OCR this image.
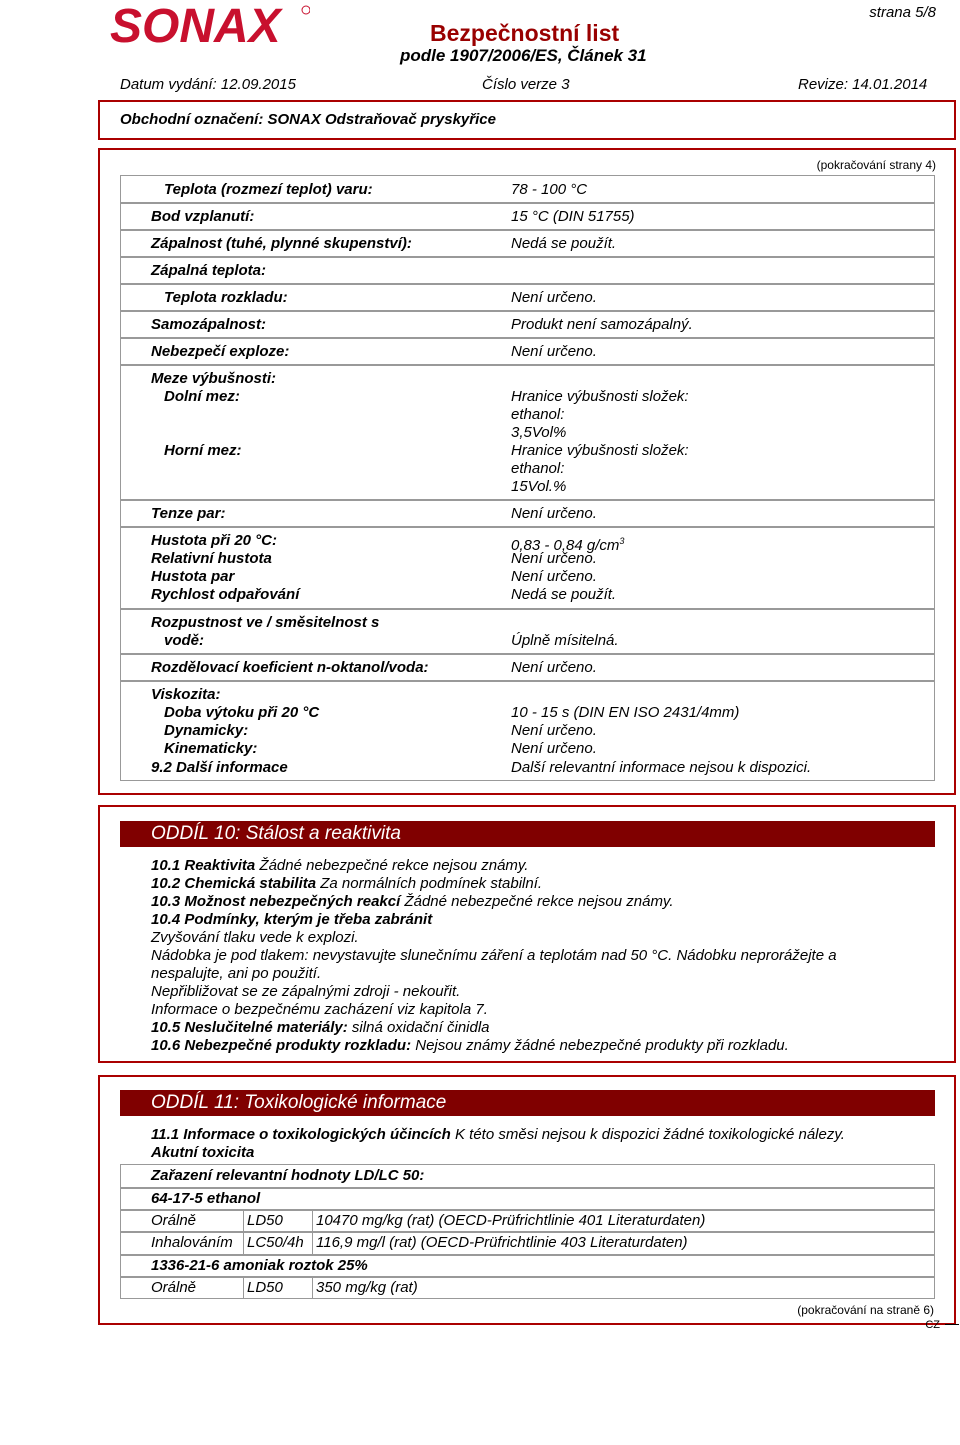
SONAX	Bezpečnostní list
podle 1907/2006/ES, Článek 31
strana 5/8
Datum vydání: 12.09.2015	Číslo verze 3	Revize: 14.01.2014
Obchodní označení: SONAX Odstraňovač pryskyřice
(pokračování strany 4)
Teplota (rozmezí teplot) varu:	78 - 100 °C
Bod vzplanutí:	15 °C (DIN 51755)
Zápalnost (tuhé, plynné skupenství):	Nedá se použít.
Zápalná teplota:
Teplota rozkladu:	Není určeno.
Samozápalnost:	Produkt není samozápalný.
Nebezpečí exploze:	Není určeno.
Meze výbušnosti:
Dolní mez:	Hranice výbušnosti složek:
ethanol:
3,5Vol%
Horní mez:	Hranice výbušnosti složek:
ethanol:
15Vol.%
Tenze par:	Není určeno.
Hustota při 20 °C:	0,83 - 0,84 $g/cm^3$
Relativní hustota	Není určeno.
Hustota par	Není určeno.
Rychlost odpařování	Nedá se použít.
Rozpustnost ve / směsitelnost s
vodě:	Úplně mísitelná.
Rozdělovací koeficient n-oktanol/voda:	Není určeno.
Viskozita:
Doba výtoku při 20 °C	10 - 15 s (DIN EN ISO 2431/4mm)
Dynamicky:	Není určeno.
Kinematicky:	Není určeno.
9.2 Další informace	Další relevantní informace nejsou k dispozici.
ODDÍL 10: Stálost a reaktivita
10.1 Reaktivita Žádné nebezpečné rekce nejsou známy.
10.2 Chemická stabilita Za normálních podmínek stabilní.
10.3 Možnost nebezpečných reakcí Žádné nebezpečné rekce nejsou známy.
10.4 Podmínky, kterým je třeba zabránit
Zvyšování tlaku vede k explozi.
Nádobka je pod tlakem: nevystavujte slunečnímu záření a teplotám nad 50 °C. Nádobku neprorážejte a
nespalujte, ani po použití.
Nepřibližovat se ze zápalnými zdroji - nekouřit.
Informace o bezpečnému zacházení viz kapitola 7.
10.5 Neslučitelné materiály: silná oxidační činidla
10.6 Nebezpečné produkty rozkladu: Nejsou známy žádné nebezpečné produkty při rozkladu.
ODDÍL 11: Toxikologické informace
11.1 Informace o toxikologických účincích K této směsi nejsou k dispozici žádné toxikologické nálezy.
Akutní toxicita
Zařazení relevantní hodnoty LD/LC 50:
64-17-5 ethanol
Orálně	LD50 10470 mg/kg (rat) (OECD-Prüfrichtlinie 401 Literaturdaten)
Inhalováním LC50/4h 116,9 mg/l (rat) (OECD-Prüfrichtlinie 403 Literaturdaten)
1336-21-6 amoniak roztok 25%
Orálně	LD50 350 mg/kg (rat)
(pokračování na straně 6)
CZ
